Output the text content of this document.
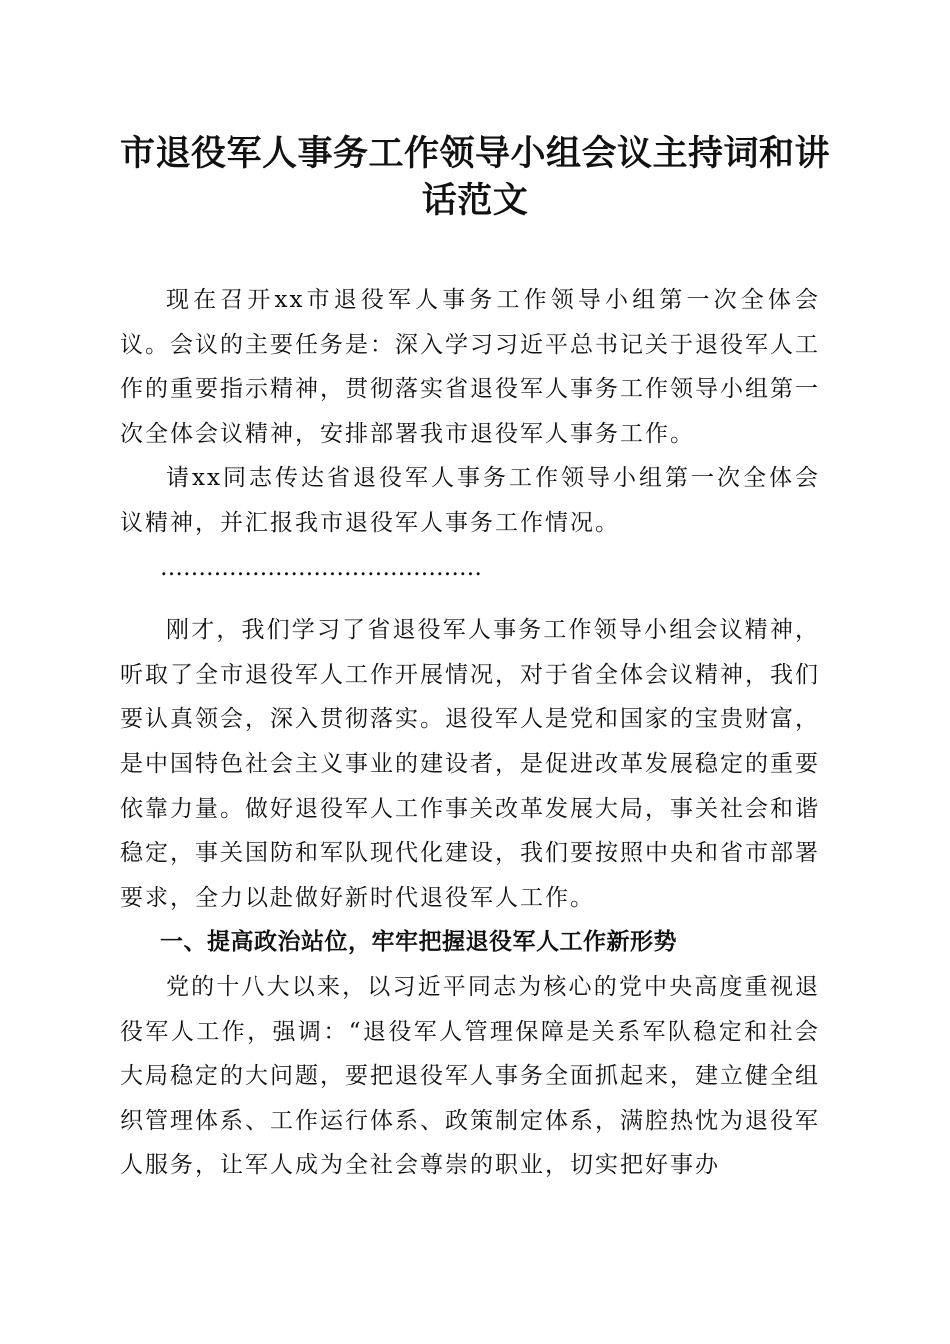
市退役军人事务工作领导小组会议主持词和讲话范文

现在召开xx市退役军人事务工作领导小组第一次全体会议。会议的主要任务是：深入学习习近平总书记关于退役军人工作的重要指示精神，贯彻落实省退役军人事务工作领导小组第一次全体会议精神，安排部署我市退役军人事务工作。

请xx同志传达省退役军人事务工作领导小组第一次全体会议精神，并汇报我市退役军人事务工作情况。

……………………………………

刚才，我们学习了省退役军人事务工作领导小组会议精神，听取了全市退役军人工作开展情况，对于省全体会议精神，我们要认真领会，深入贯彻落实。退役军人是党和国家的宝贵财富，是中国特色社会主义事业的建设者，是促进改革发展稳定的重要依靠力量。做好退役军人工作事关改革发展大局，事关社会和谐稳定，事关国防和军队现代化建设，我们要按照中央和省市部署要求，全力以赴做好新时代退役军人工作。

一、提高政治站位，牢牢把握退役军人工作新形势

党的十八大以来，以习近平同志为核心的党中央高度重视退役军人工作，强调：“退役军人管理保障是关系军队稳定和社会大局稳定的大问题，要把退役军人事务全面抓起来，建立健全组织管理体系、工作运行体系、政策制定体系，满腔热忱为退役军人服务，让军人成为全社会尊崇的职业，切实把好事办
